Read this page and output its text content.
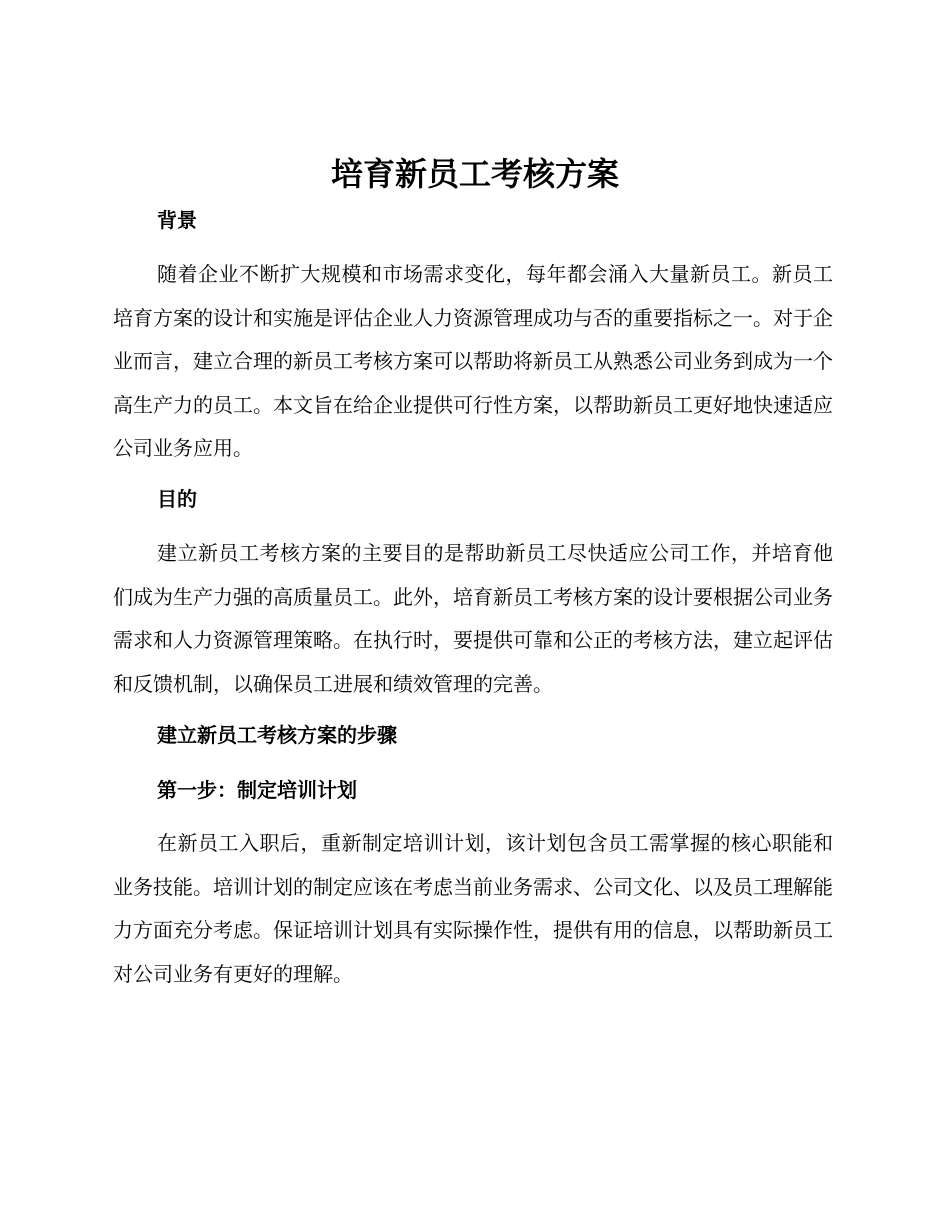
培育新员工考核方案
背景

随着企业不断扩大规模和市场需求变化，每年都会涌入大量新员工。新员工培育方案的设计和实施是评估企业人力资源管理成功与否的重要指标之一。对于企业而言，建立合理的新员工考核方案可以帮助将新员工从熟悉公司业务到成为一个高生产力的员工。本文旨在给企业提供可行性方案，以帮助新员工更好地快速适应公司业务应用。

目的

建立新员工考核方案的主要目的是帮助新员工尽快适应公司工作，并培育他们成为生产力强的高质量员工。此外，培育新员工考核方案的设计要根据公司业务需求和人力资源管理策略。在执行时，要提供可靠和公正的考核方法，建立起评估和反馈机制，以确保员工进展和绩效管理的完善。

建立新员工考核方案的步骤
第一步：制定培训计划

在新员工入职后，重新制定培训计划，该计划包含员工需掌握的核心职能和业务技能。培训计划的制定应该在考虑当前业务需求、公司文化、以及员工理解能力方面充分考虑。保证培训计划具有实际操作性，提供有用的信息，以帮助新员工对公司业务有更好的理解。
